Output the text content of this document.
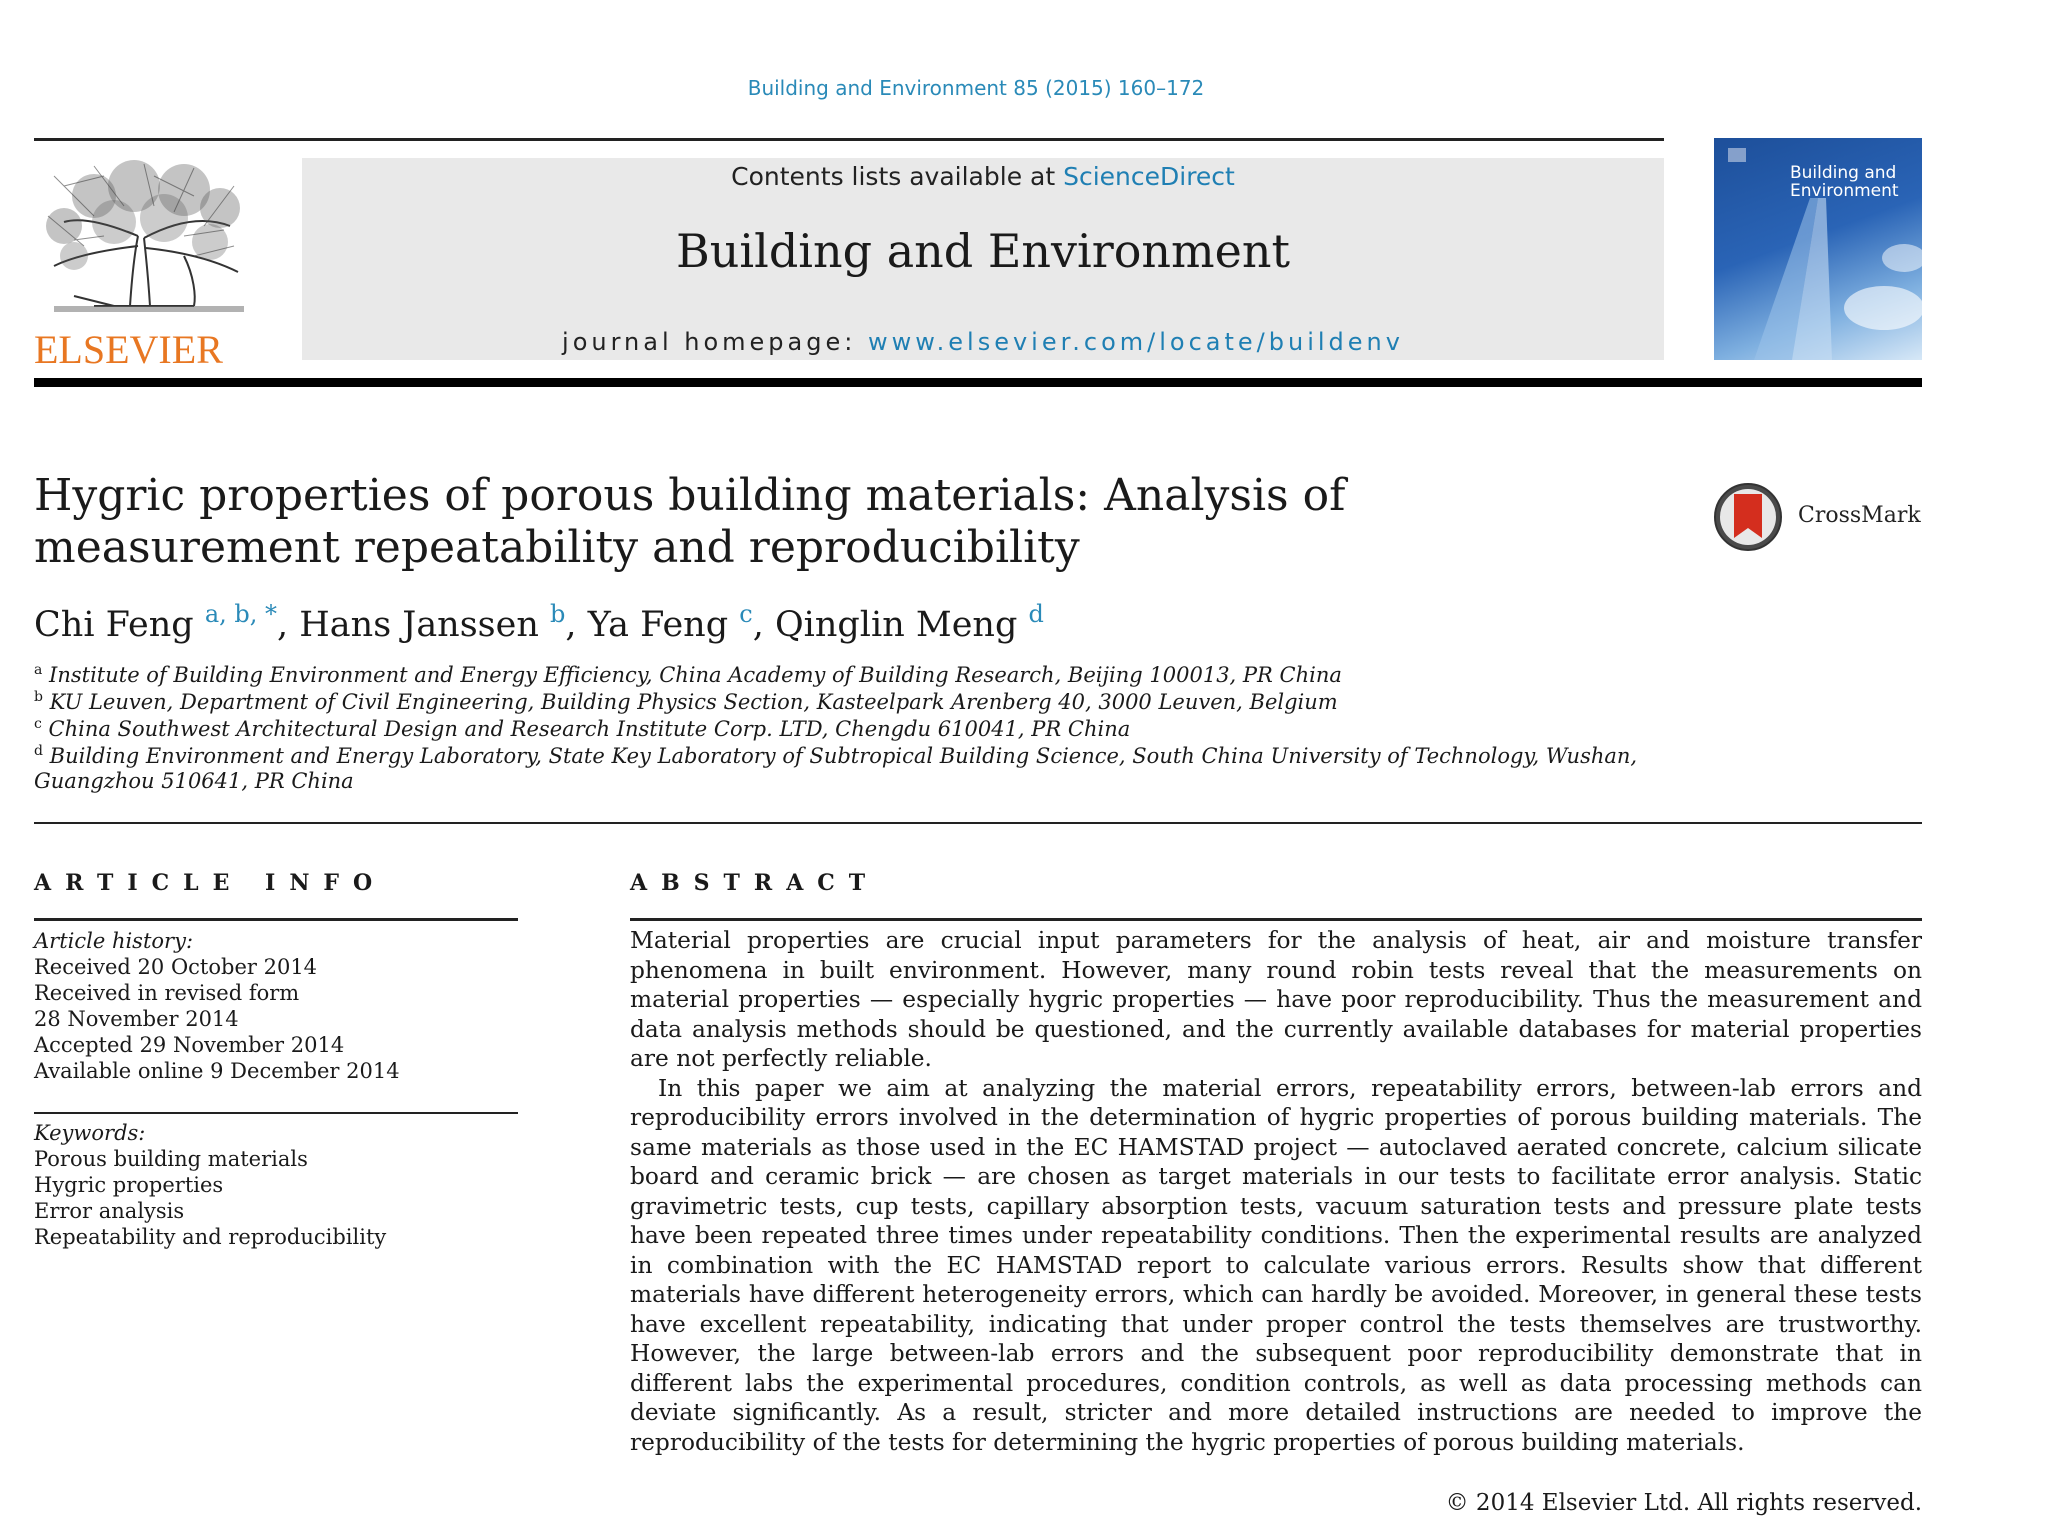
Building and Environment 85 (2015) 160–172
ELSEVIER
Contents lists available at ScienceDirect
Building and Environment
journal homepage: www.elsevier.com/locate/buildenv
Building and Environment
Hygric properties of porous building materials: Analysis of
measurement repeatability and reproducibility
CrossMark
Chi Feng $^{a, b, *}$, Hans Janssen $^b$, Ya Feng $^c$, Qinglin Meng $^d$
$^a$ Institute of Building Environment and Energy Efficiency, China Academy of Building Research, Beijing 100013, PR China
$^b$ KU Leuven, Department of Civil Engineering, Building Physics Section, Kasteelpark Arenberg 40, 3000 Leuven, Belgium
$^c$ China Southwest Architectural Design and Research Institute Corp. LTD, Chengdu 610041, PR China
$^d$ Building Environment and Energy Laboratory, State Key Laboratory of Subtropical Building Science, South China University of Technology, Wushan,
Guangzhou 510641, PR China
ARTICLE INFO
Article history:
Received 20 October 2014
Received in revised form
28 November 2014
Accepted 29 November 2014
Available online 9 December 2014
Keywords:
Porous building materials
Hygric properties
Error analysis
Repeatability and reproducibility
ABSTRACT

Material properties are crucial input parameters for the analysis of heat, air and moisture transfer phenomena in built environment. However, many round robin tests reveal that the measurements on material properties — especially hygric properties — have poor reproducibility. Thus the measurement and data analysis methods should be questioned, and the currently available databases for material properties are not perfectly reliable.

In this paper we aim at analyzing the material errors, repeatability errors, between-lab errors and reproducibility errors involved in the determination of hygric properties of porous building materials. The same materials as those used in the EC HAMSTAD project — autoclaved aerated concrete, calcium silicate board and ceramic brick — are chosen as target materials in our tests to facilitate error analysis. Static gravimetric tests, cup tests, capillary absorption tests, vacuum saturation tests and pressure plate tests have been repeated three times under repeatability conditions. Then the experimental results are analyzed in combination with the EC HAMSTAD report to calculate various errors. Results show that different materials have different heterogeneity errors, which can hardly be avoided. Moreover, in general these tests have excellent repeatability, indicating that under proper control the tests themselves are trustworthy. However, the large between-lab errors and the subsequent poor reproducibility demonstrate that in different labs the experimental procedures, condition controls, as well as data processing methods can deviate significantly. As a result, stricter and more detailed instructions are needed to improve the reproducibility of the tests for determining the hygric properties of porous building materials.

© 2014 Elsevier Ltd. All rights reserved.
